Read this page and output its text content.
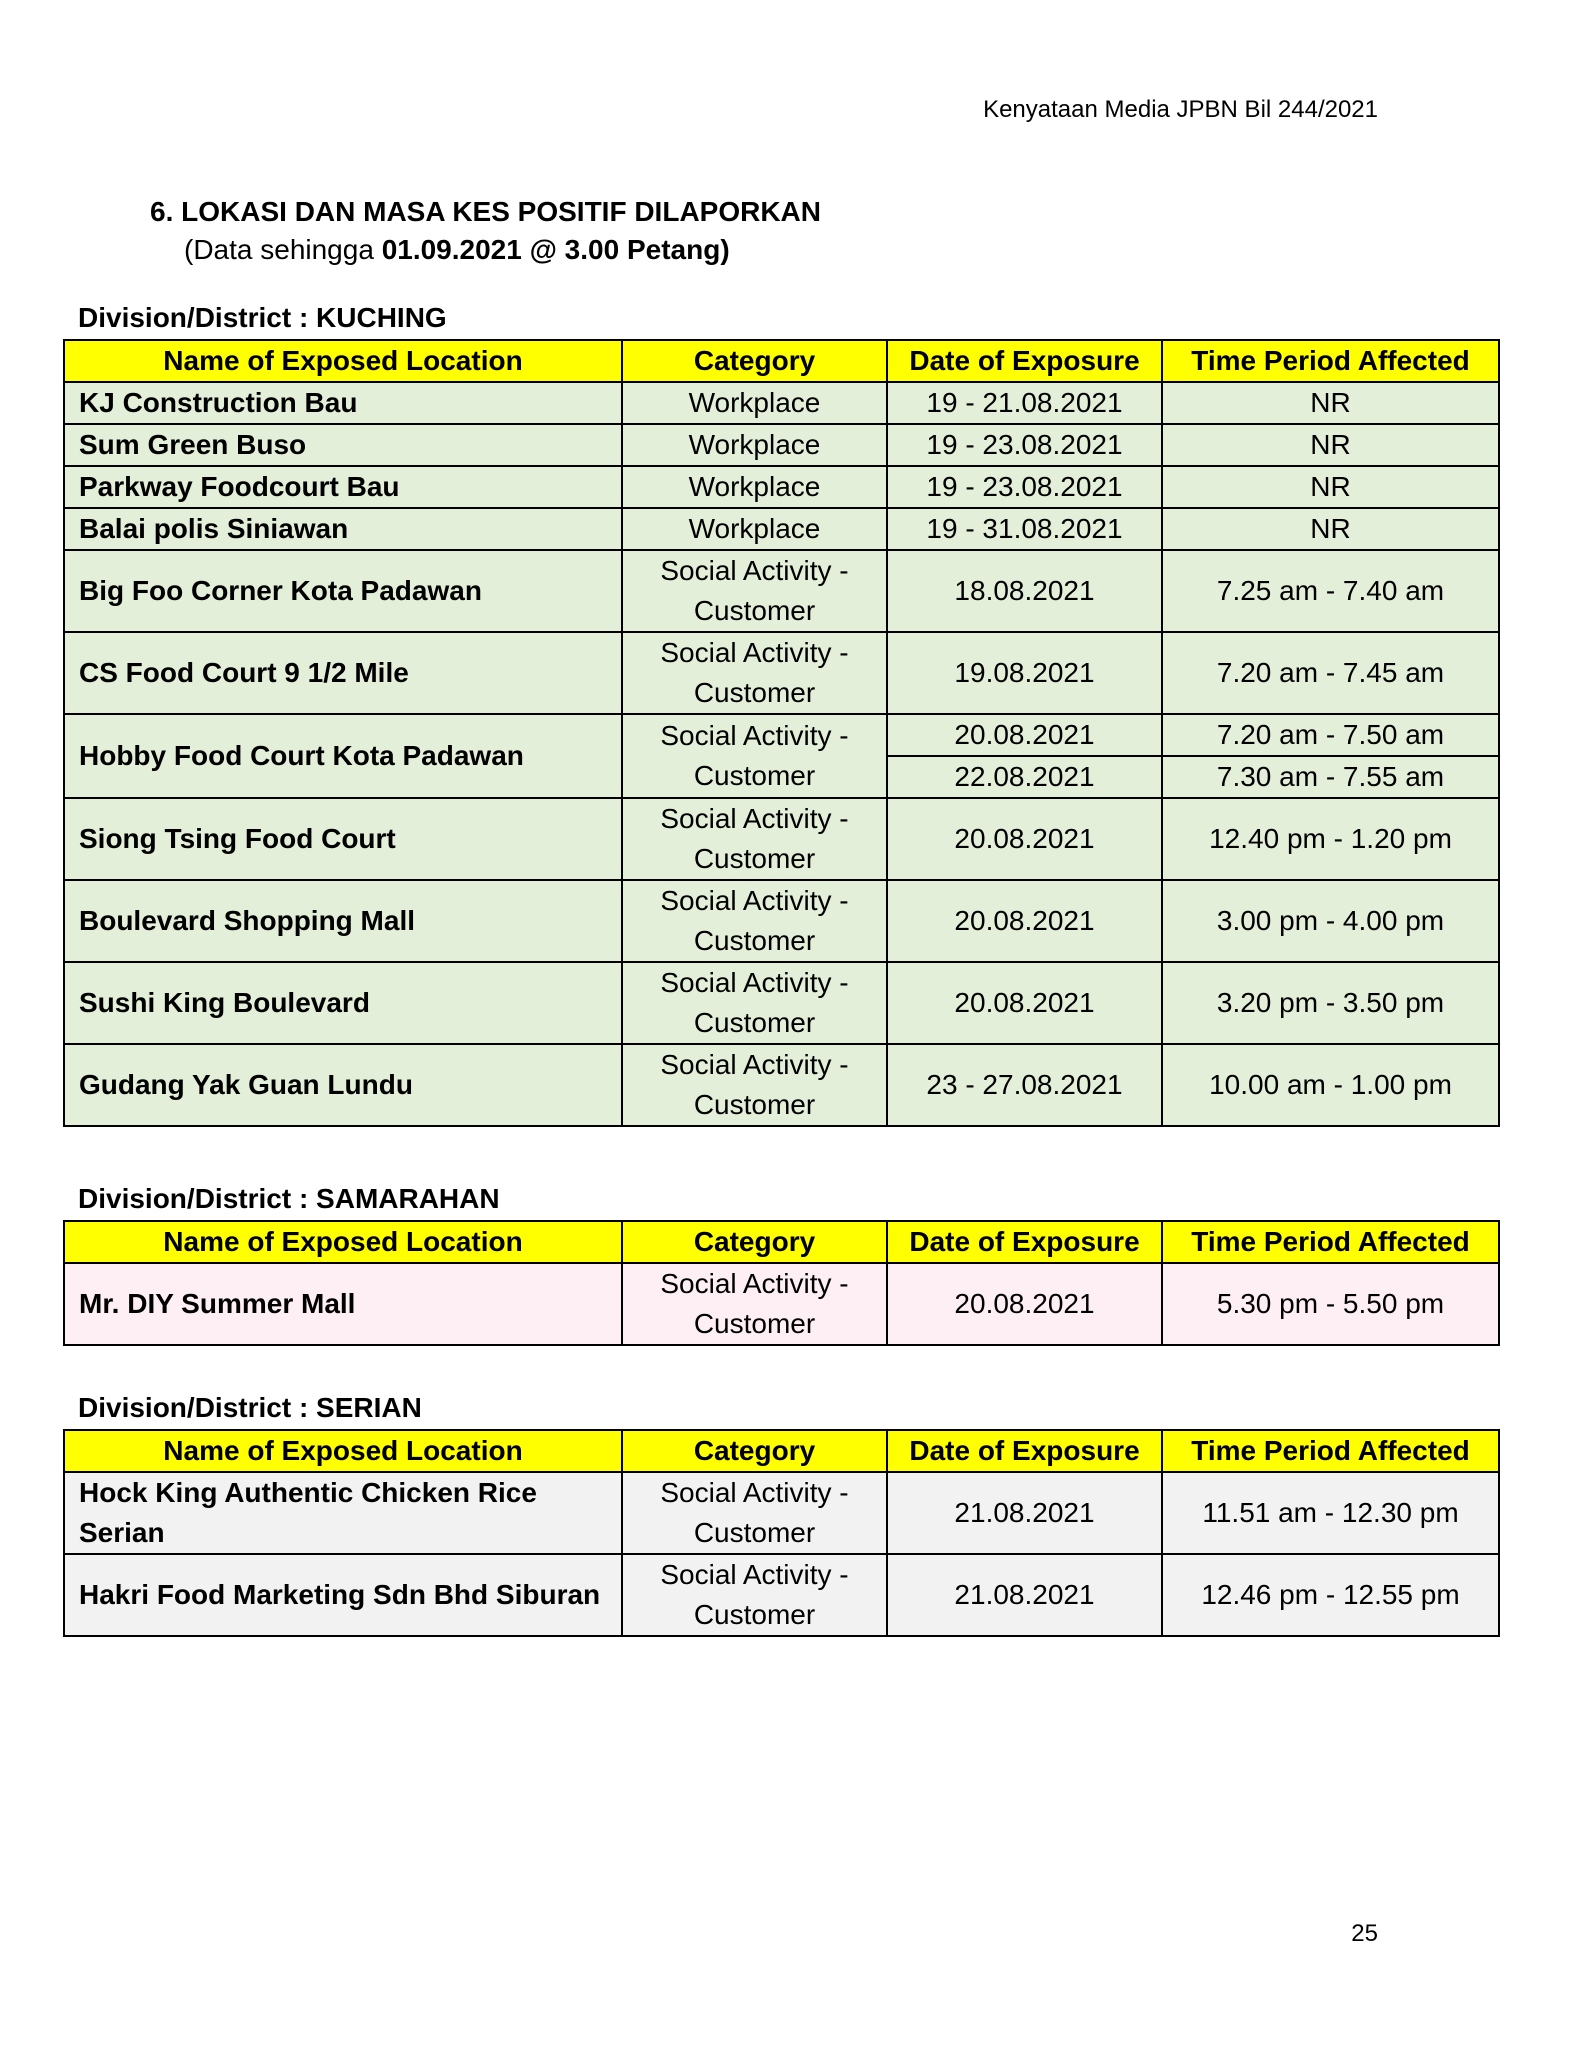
Kenyataan Media JPBN Bil 244/2021
6. LOKASI DAN MASA KES POSITIF DILAPORKAN
(Data sehingga 01.09.2021 @ 3.00 Petang)
Division/District : KUCHING
Name of Exposed Location	Category	Date of Exposure	Time Period Affected
KJ Construction Bau	Workplace	19 - 21.08.2021	NR
Sum Green Buso	Workplace	19 - 23.08.2021	NR
Parkway Foodcourt Bau	Workplace	19 - 23.08.2021	NR
Balai polis Siniawan	Workplace	19 - 31.08.2021	NR
Big Foo Corner Kota Padawan	Social Activity - Customer	18.08.2021	7.25 am - 7.40 am
CS Food Court 9 1/2 Mile	Social Activity - Customer	19.08.2021	7.20 am - 7.45 am
Hobby Food Court Kota Padawan	Social Activity - Customer	20.08.2021	7.20 am - 7.50 am
		22.08.2021	7.30 am - 7.55 am
Siong Tsing Food Court	Social Activity - Customer	20.08.2021	12.40 pm - 1.20 pm
Boulevard Shopping Mall	Social Activity - Customer	20.08.2021	3.00 pm - 4.00 pm
Sushi King Boulevard	Social Activity - Customer	20.08.2021	3.20 pm - 3.50 pm
Gudang Yak Guan Lundu	Social Activity - Customer	23 - 27.08.2021	10.00 am - 1.00 pm
Division/District : SAMARAHAN
Name of Exposed Location	Category	Date of Exposure	Time Period Affected
Mr. DIY Summer Mall	Social Activity - Customer	20.08.2021	5.30 pm - 5.50 pm
Division/District : SERIAN
Name of Exposed Location	Category	Date of Exposure	Time Period Affected
Hock King Authentic Chicken Rice Serian	Social Activity - Customer	21.08.2021	11.51 am - 12.30 pm
Hakri Food Marketing Sdn Bhd Siburan	Social Activity - Customer	21.08.2021	12.46 pm - 12.55 pm
25
